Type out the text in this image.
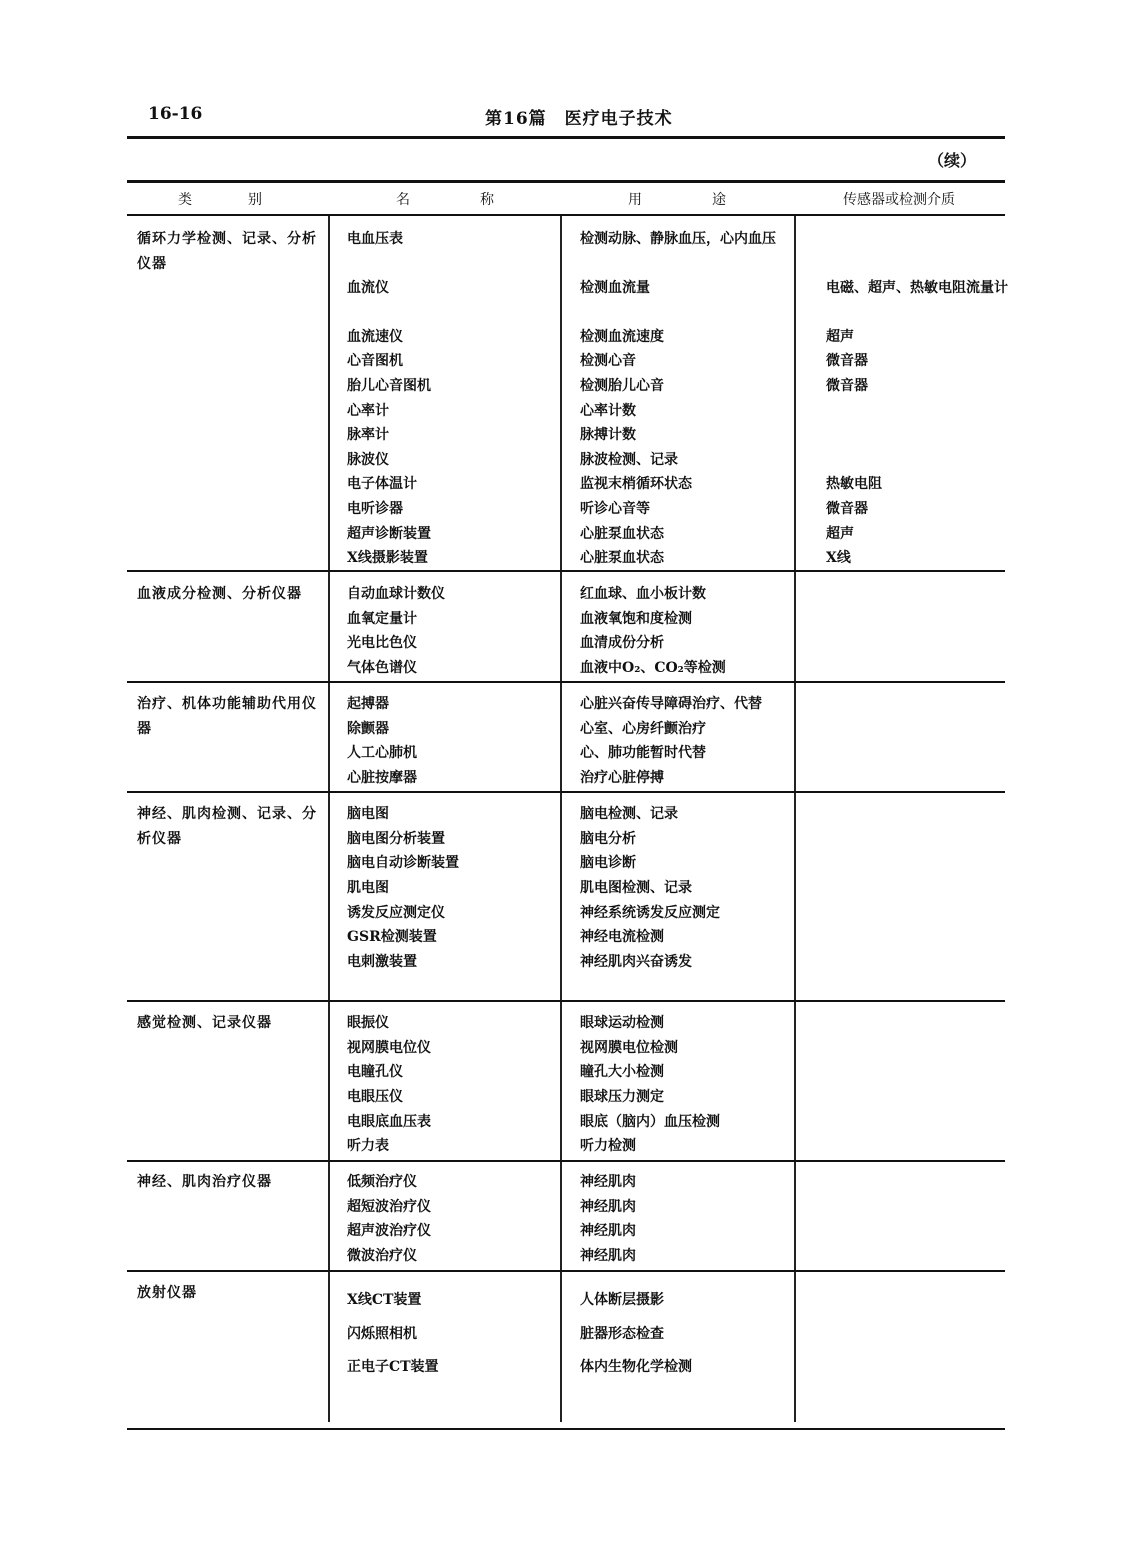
16-16	第16篇　医疗电子技术
（续）
类　　　　别	名　　　　　称	用　　　　　途	传感器或检测介质
循环力学检测、记录、分析仪器
电血压表	检测动脉、静脉血压，心内血压
血流仪	检测血流量	电磁、超声、热敏电阻流量计
血流速仪	检测血流速度	超声
心音图机	检测心音	微音器
胎儿心音图机	检测胎儿心音	微音器
心率计	心率计数
脉率计	脉搏计数
脉波仪	脉波检测、记录
电子体温计	监视末梢循环状态	热敏电阻
电听诊器	听诊心音等	微音器
超声诊断装置	心脏泵血状态	超声
X线摄影装置	心脏泵血状态	X线
血液成分检测、分析仪器	自动血球计数仪	红血球、血小板计数
血氧定量计	血液氧饱和度检测
光电比色仪	血清成份分析
气体色谱仪	血液中O₂、CO₂等检测
治疗、机体功能辅助代用仪器
起搏器	心脏兴奋传导障碍治疗、代替
除颤器	心室、心房纤颤治疗
人工心肺机	心、肺功能暂时代替
心脏按摩器	治疗心脏停搏
神经、肌肉检测、记录、分析仪器
脑电图	脑电检测、记录
脑电图分析装置	脑电分析
脑电自动诊断装置	脑电诊断
肌电图	肌电图检测、记录
诱发反应测定仪	神经系统诱发反应测定
GSR检测装置	神经电流检测
电刺激装置	神经肌肉兴奋诱发
感觉检测、记录仪器	眼振仪	眼球运动检测
视网膜电位仪	视网膜电位检测
电瞳孔仪	瞳孔大小检测
电眼压仪	眼球压力测定
电眼底血压表	眼底（脑内）血压检测
听力表	听力检测
神经、肌肉治疗仪器	低频治疗仪	神经肌肉
超短波治疗仪	神经肌肉
超声波治疗仪	神经肌肉
微波治疗仪	神经肌肉
放射仪器	X线CT装置	人体断层摄影
闪烁照相机	脏器形态检查
正电子CT装置	体内生物化学检测
